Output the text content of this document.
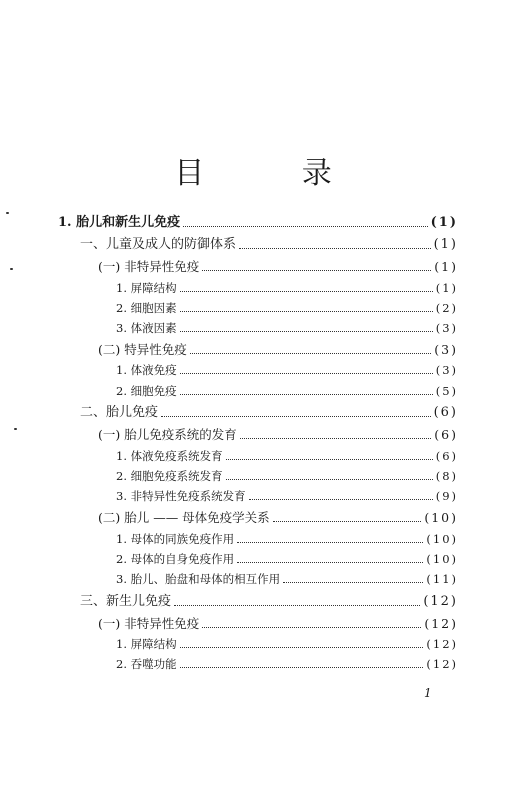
目 录
1. 胎儿和新生儿免疫	(1)
一、儿童及成人的防御体系	(1)
(一) 非特异性免疫	(1)
1. 屏障结构	(1)
2. 细胞因素	(2)
3. 体液因素	(3)
(二) 特异性免疫	(3)
1. 体液免疫	(3)
2. 细胞免疫	(5)
二、胎儿免疫	(6)
(一) 胎儿免疫系统的发育	(6)
1. 体液免疫系统发育	(6)
2. 细胞免疫系统发育	(8)
3. 非特异性免疫系统发育	(9)
(二) 胎儿 —— 母体免疫学关系	(10)
1. 母体的同族免疫作用	(10)
2. 母体的自身免疫作用	(10)
3. 胎儿、胎盘和母体的相互作用	(11)
三、新生儿免疫	(12)
(一) 非特异性免疫	(12)
1. 屏障结构	(12)
2. 吞噬功能	(12)
1
